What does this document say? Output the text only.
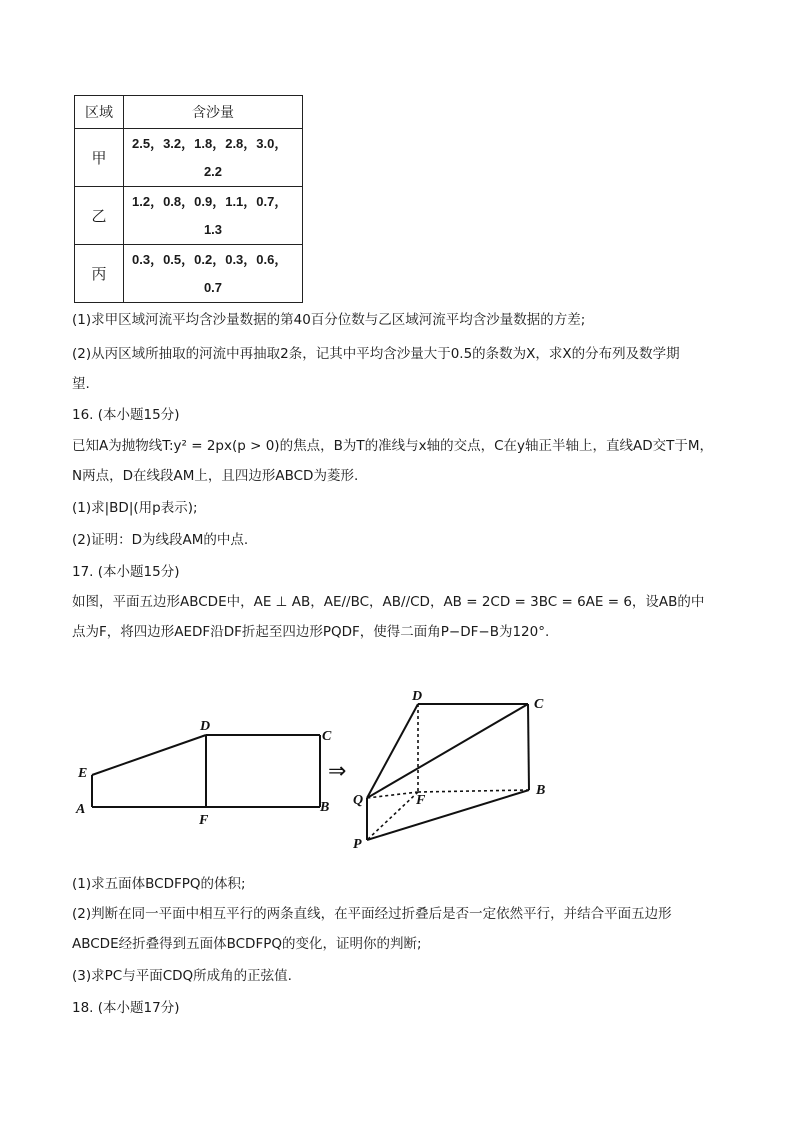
区域	含沙量
甲	2.5，3.2，1.8，2.8，3.0，
2.2

乙	1.2，0.8，0.9，1.1，0.7，
1.3

丙	0.3，0.5，0.2，0.3，0.6，
0.7
(1)求甲区域河流平均含沙量数据的第40百分位数与乙区域河流平均含沙量数据的方差;
(2)从丙区域所抽取的河流中再抽取2条，记其中平均含沙量大于0.5的条数为X，求X的分布列及数学期
望.
16. (本小题15分)
已知A为抛物线T:y² = 2px(p > 0)的焦点，B为T的准线与x轴的交点，C在y轴正半轴上，直线AD交T于M，
N两点，D在线段AM上，且四边形ABCD为菱形.
(1)求|BD|(用p表示);
(2)证明：D为线段AM的中点.
17. (本小题15分)
如图，平面五边形ABCDE中，AE ⊥ AB，AE//BC，AB//CD，AB = 2CD = 3BC = 6AE = 6，设AB的中
点为F，将四边形AEDF沿DF折起至四边形PQDF，使得二面角P−DF−B为120°.
A
E
D
C
F
B
⇒
D
C
Q	F
B
P
(1)求五面体BCDFPQ的体积;
(2)判断在同一平面中相互平行的两条直线，在平面经过折叠后是否一定依然平行，并结合平面五边形
ABCDE经折叠得到五面体BCDFPQ的变化，证明你的判断;
(3)求PC与平面CDQ所成角的正弦值.
18. (本小题17分)
